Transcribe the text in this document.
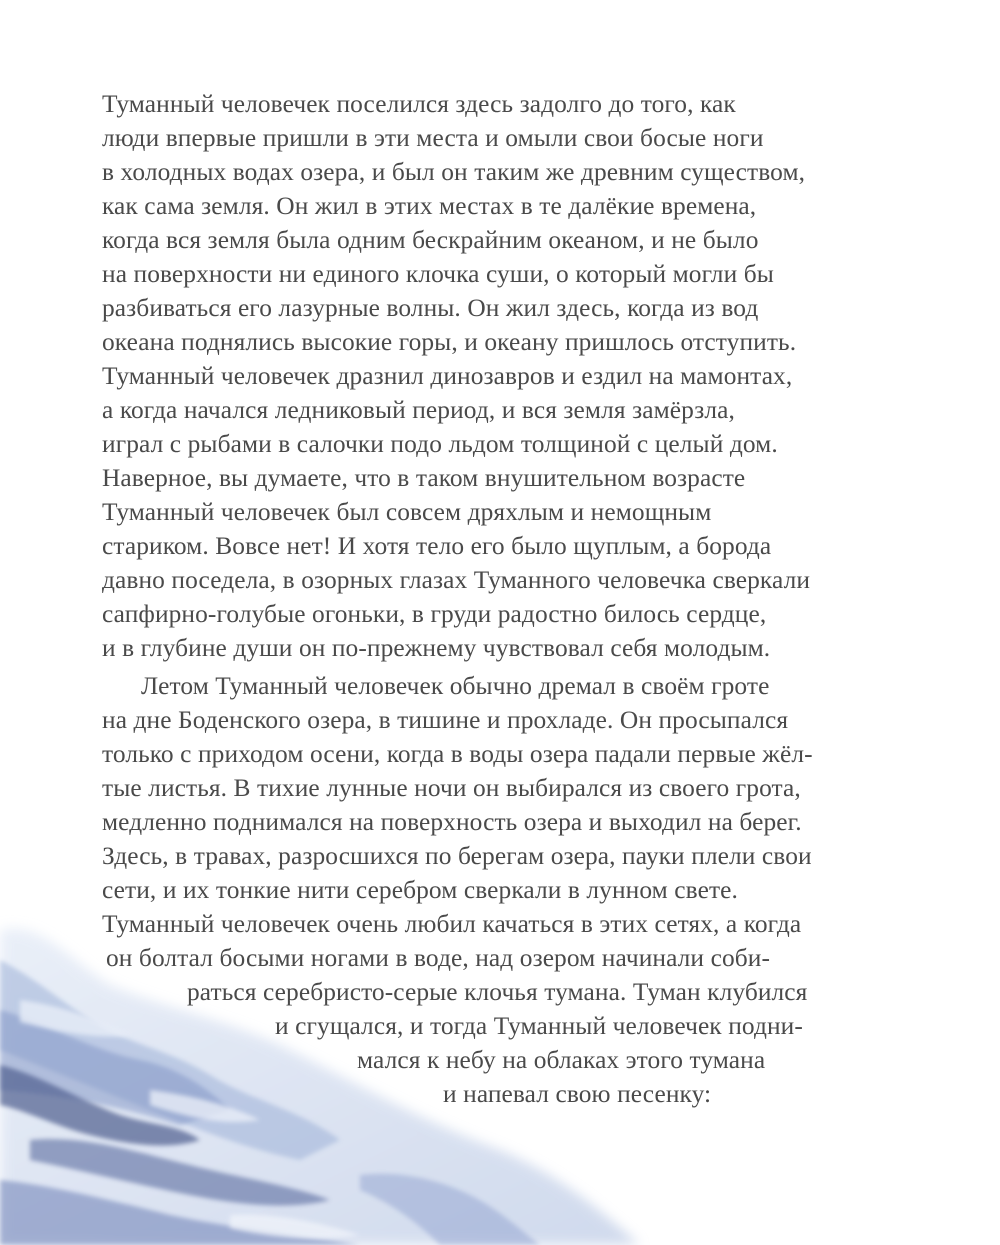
Туманный человечек поселился здесь задолго до того, как
люди впервые пришли в эти места и омыли свои босые ноги
в холодных водах озера, и был он таким же древним существом,
как сама земля. Он жил в этих местах в те далёкие времена,
когда вся земля была одним бескрайним океаном, и не было
на поверхности ни единого клочка суши, о который могли бы
разбиваться его лазурные волны. Он жил здесь, когда из вод
океана поднялись высокие горы, и океану пришлось отступить.
Туманный человечек дразнил динозавров и ездил на мамонтах,
а когда начался ледниковый период, и вся земля замёрзла,
играл с рыбами в салочки подо льдом толщиной с целый дом.
Наверное, вы думаете, что в таком внушительном возрасте
Туманный человечек был совсем дряхлым и немощным
стариком. Вовсе нет! И хотя тело его было щуплым, а борода
давно поседела, в озорных глазах Туманного человечка сверкали
сапфирно-голубые огоньки, в груди радостно билось сердце,
и в глубине души он по-прежнему чувствовал себя молодым.
Летом Туманный человечек обычно дремал в своём гроте
на дне Боденского озера, в тишине и прохладе. Он просыпался
только с приходом осени, когда в воды озера падали первые жёл-
тые листья. В тихие лунные ночи он выбирался из своего грота,
медленно поднимался на поверхность озера и выходил на берег.
Здесь, в травах, разросшихся по берегам озера, пауки плели свои
сети, и их тонкие нити серебром сверкали в лунном свете.
Туманный человечек очень любил качаться в этих сетях, а когда
он болтал босыми ногами в воде, над озером начинали соби-
раться серебристо-серые клочья тумана. Туман клубился
и сгущался, и тогда Туманный человечек подни-
мался к небу на облаках этого тумана
и напевал свою песенку:
